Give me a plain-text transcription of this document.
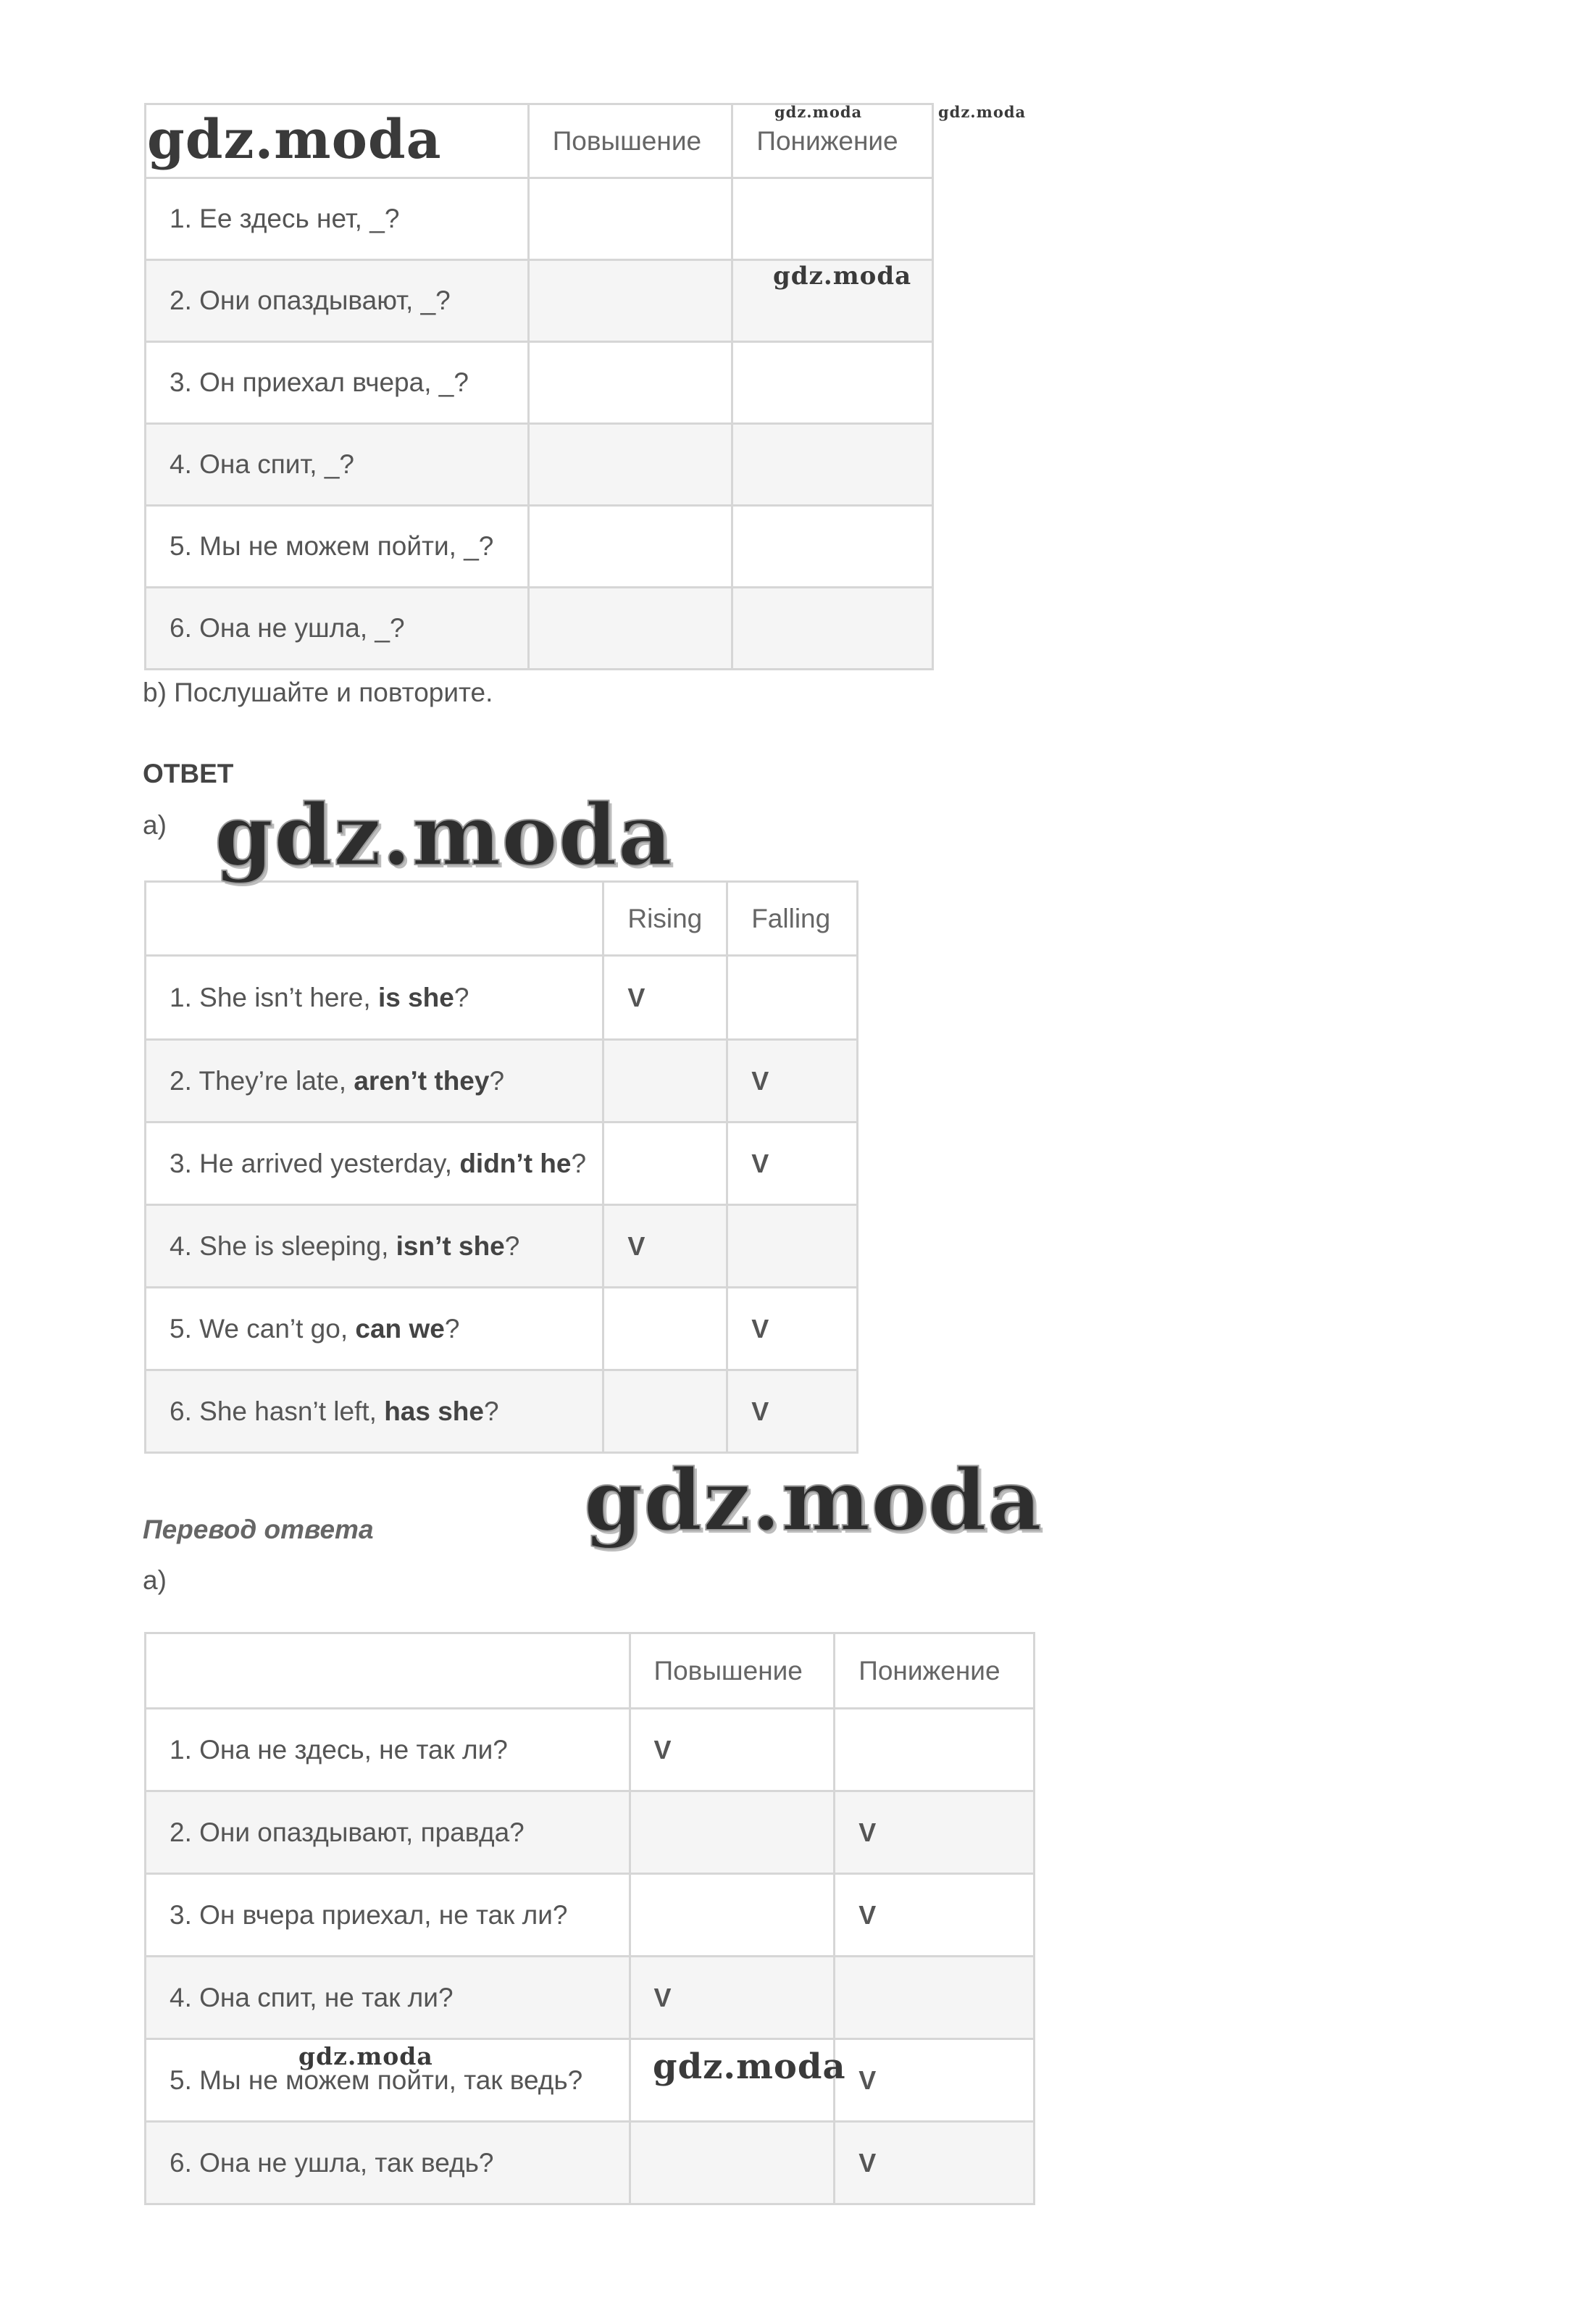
	Повышение	Понижение
1. Ее здесь нет, _?		
2. Они опаздывают, _?		
3. Он приехал вчера, _?		
4. Она спит, _?		
5. Мы не можем пойти, _?		
6. Она не ушла, _?		
b) Послушайте и повторите.
ОТВЕТ
a)
	Rising	Falling
1. She isn’t here, is she?	V	
2. They’re late, aren’t they?		V
3. He arrived yesterday, didn’t he?		V
4. She is sleeping, isn’t she?	V	
5. We can’t go, can we?		V
6. She hasn’t left, has she?		V
Перевод ответа
a)
	Повышение	Понижение
1. Она не здесь, не так ли?	V	
2. Они опаздывают, правда?		V
3. Он вчера приехал, не так ли?		V
4. Она спит, не так ли?	V	
5. Мы не можем пойти, так ведь?		V
6. Она не ушла, так ведь?		V
gdz.moda	gdz.moda	gdz.moda
gdz.moda
gdz.moda
gdz.moda
gdz.moda	gdz.moda
